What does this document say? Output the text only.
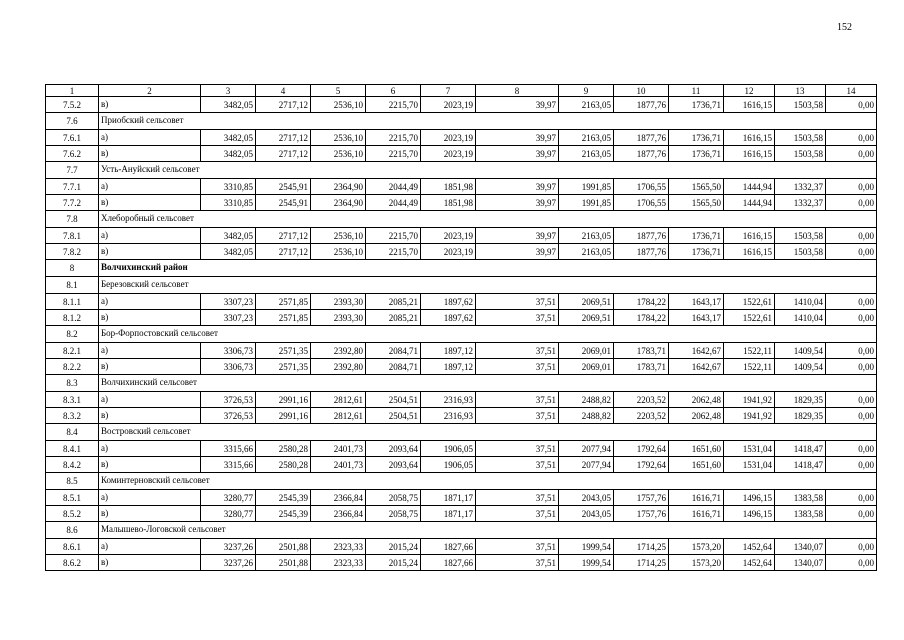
152
1	2	3	4	5	6	7	8	9	10	11	12	13	14
7.5.2	в)	3482,05	2717,12	2536,10	2215,70	2023,19	39,97	2163,05	1877,76	1736,71	1616,15	1503,58	0,00
7.6	Приобский сельсовет												
7.6.1	а)	3482,05	2717,12	2536,10	2215,70	2023,19	39,97	2163,05	1877,76	1736,71	1616,15	1503,58	0,00
7.6.2	в)	3482,05	2717,12	2536,10	2215,70	2023,19	39,97	2163,05	1877,76	1736,71	1616,15	1503,58	0,00
7.7	Усть-Ануйский сельсовет												
7.7.1	а)	3310,85	2545,91	2364,90	2044,49	1851,98	39,97	1991,85	1706,55	1565,50	1444,94	1332,37	0,00
7.7.2	в)	3310,85	2545,91	2364,90	2044,49	1851,98	39,97	1991,85	1706,55	1565,50	1444,94	1332,37	0,00
7.8	Хлеборобный сельсовет												
7.8.1	а)	3482,05	2717,12	2536,10	2215,70	2023,19	39,97	2163,05	1877,76	1736,71	1616,15	1503,58	0,00
7.8.2	в)	3482,05	2717,12	2536,10	2215,70	2023,19	39,97	2163,05	1877,76	1736,71	1616,15	1503,58	0,00
8	Волчихинский район												
8.1	Березовский сельсовет												
8.1.1	а)	3307,23	2571,85	2393,30	2085,21	1897,62	37,51	2069,51	1784,22	1643,17	1522,61	1410,04	0,00
8.1.2	в)	3307,23	2571,85	2393,30	2085,21	1897,62	37,51	2069,51	1784,22	1643,17	1522,61	1410,04	0,00
8.2	Бор-Форпостовский сельсовет												
8.2.1	а)	3306,73	2571,35	2392,80	2084,71	1897,12	37,51	2069,01	1783,71	1642,67	1522,11	1409,54	0,00
8.2.2	в)	3306,73	2571,35	2392,80	2084,71	1897,12	37,51	2069,01	1783,71	1642,67	1522,11	1409,54	0,00
8.3	Волчихинский сельсовет												
8.3.1	а)	3726,53	2991,16	2812,61	2504,51	2316,93	37,51	2488,82	2203,52	2062,48	1941,92	1829,35	0,00
8.3.2	в)	3726,53	2991,16	2812,61	2504,51	2316,93	37,51	2488,82	2203,52	2062,48	1941,92	1829,35	0,00
8.4	Востровский сельсовет												
8.4.1	а)	3315,66	2580,28	2401,73	2093,64	1906,05	37,51	2077,94	1792,64	1651,60	1531,04	1418,47	0,00
8.4.2	в)	3315,66	2580,28	2401,73	2093,64	1906,05	37,51	2077,94	1792,64	1651,60	1531,04	1418,47	0,00
8.5	Коминтерновский сельсовет												
8.5.1	а)	3280,77	2545,39	2366,84	2058,75	1871,17	37,51	2043,05	1757,76	1616,71	1496,15	1383,58	0,00
8.5.2	в)	3280,77	2545,39	2366,84	2058,75	1871,17	37,51	2043,05	1757,76	1616,71	1496,15	1383,58	0,00
8.6	Малышево-Логовской сельсовет												
8.6.1	а)	3237,26	2501,88	2323,33	2015,24	1827,66	37,51	1999,54	1714,25	1573,20	1452,64	1340,07	0,00
8.6.2	в)	3237,26	2501,88	2323,33	2015,24	1827,66	37,51	1999,54	1714,25	1573,20	1452,64	1340,07	0,00
